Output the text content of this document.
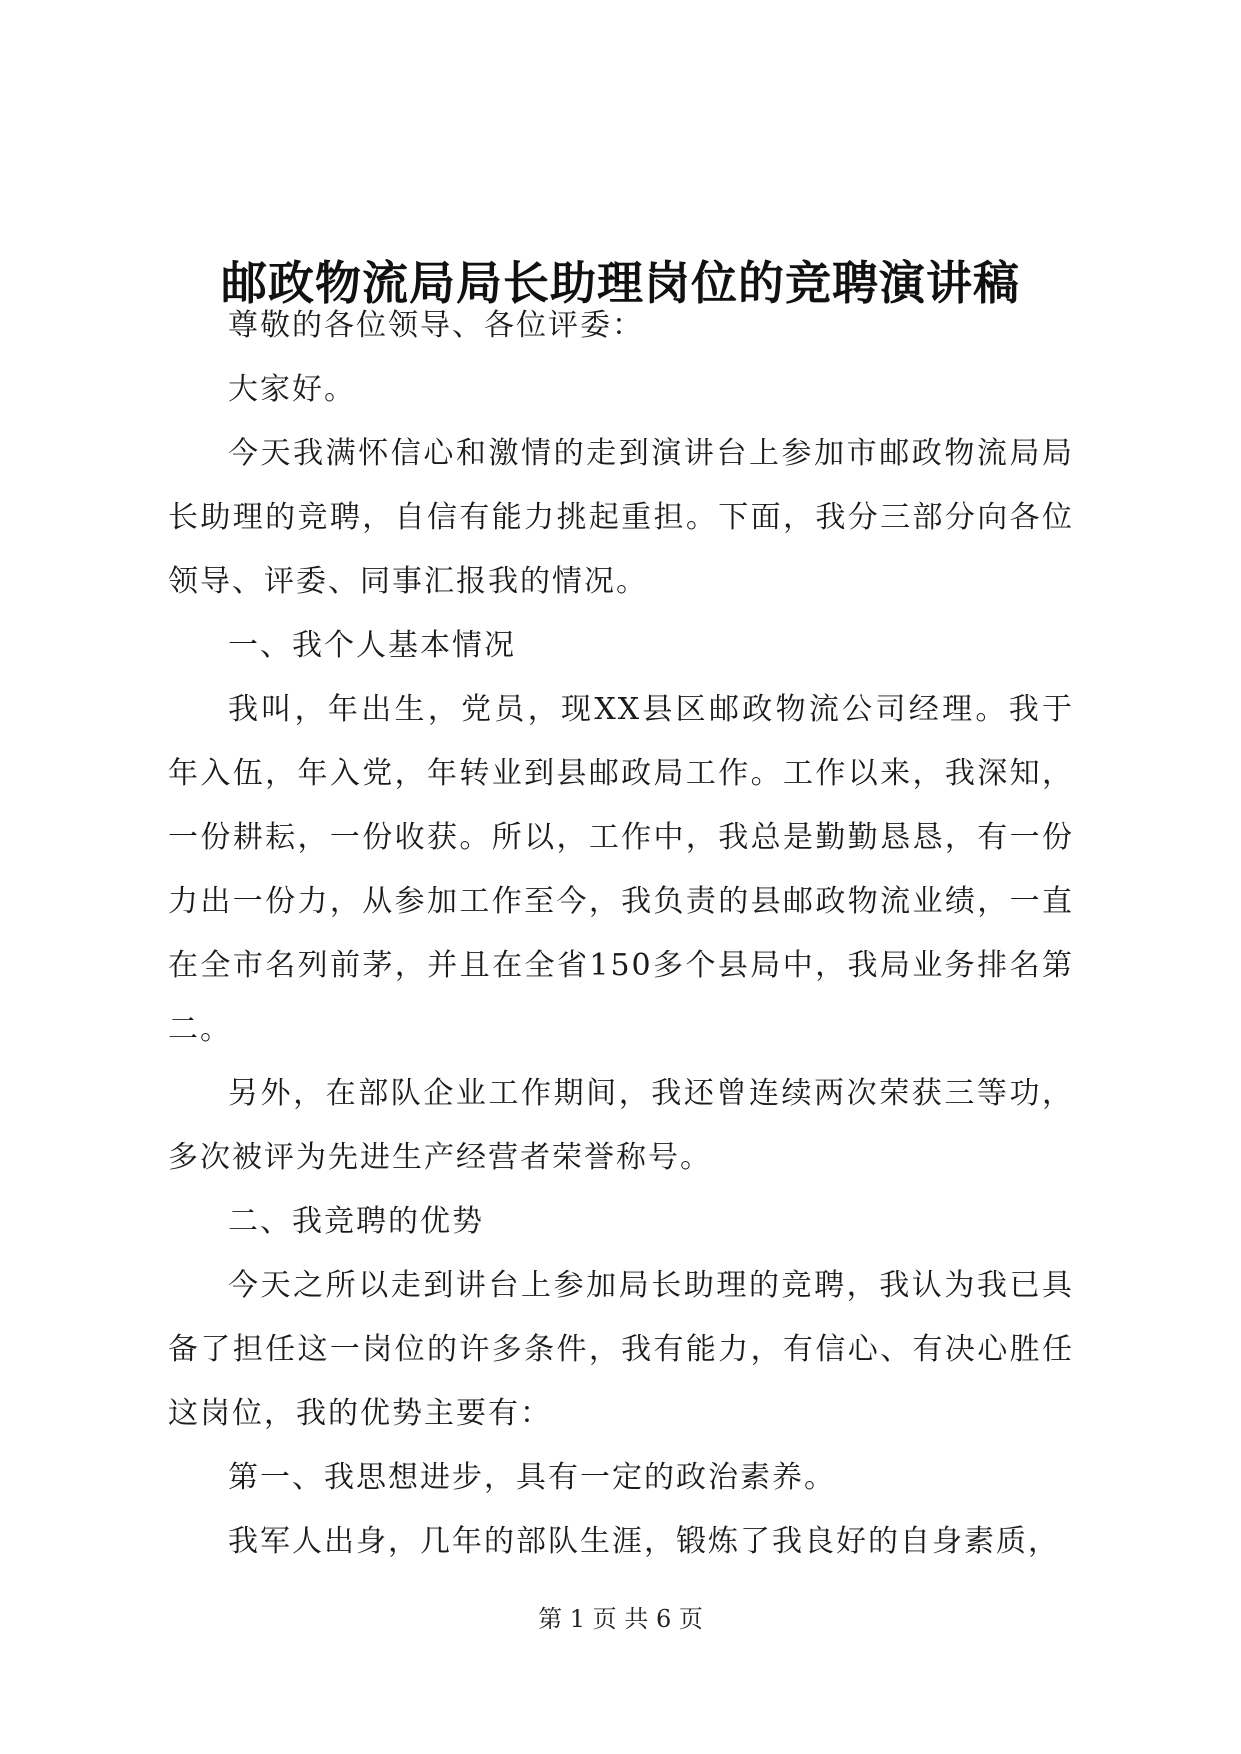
邮政物流局局长助理岗位的竞聘演讲稿

尊敬的各位领导、各位评委：

大家好。

今天我满怀信心和激情的走到演讲台上参加市邮政物流局局长助理的竞聘，自信有能力挑起重担。下面，我分三部分向各位领导、评委、同事汇报我的情况。

一、我个人基本情况

我叫，年出生，党员，现XX县区邮政物流公司经理。我于年入伍，年入党，年转业到县邮政局工作。工作以来，我深知，一份耕耘，一份收获。所以，工作中，我总是勤勤恳恳，有一份力出一份力，从参加工作至今，我负责的县邮政物流业绩，一直在全市名列前茅，并且在全省150多个县局中，我局业务排名第二。

另外，在部队企业工作期间，我还曾连续两次荣获三等功，多次被评为先进生产经营者荣誉称号。

二、我竞聘的优势

今天之所以走到讲台上参加局长助理的竞聘，我认为我已具备了担任这一岗位的许多条件，我有能力，有信心、有决心胜任这岗位，我的优势主要有：

第一、我思想进步，具有一定的政治素养。

我军人出身，几年的部队生涯，锻炼了我良好的自身素质，

第 1 页 共 6 页
